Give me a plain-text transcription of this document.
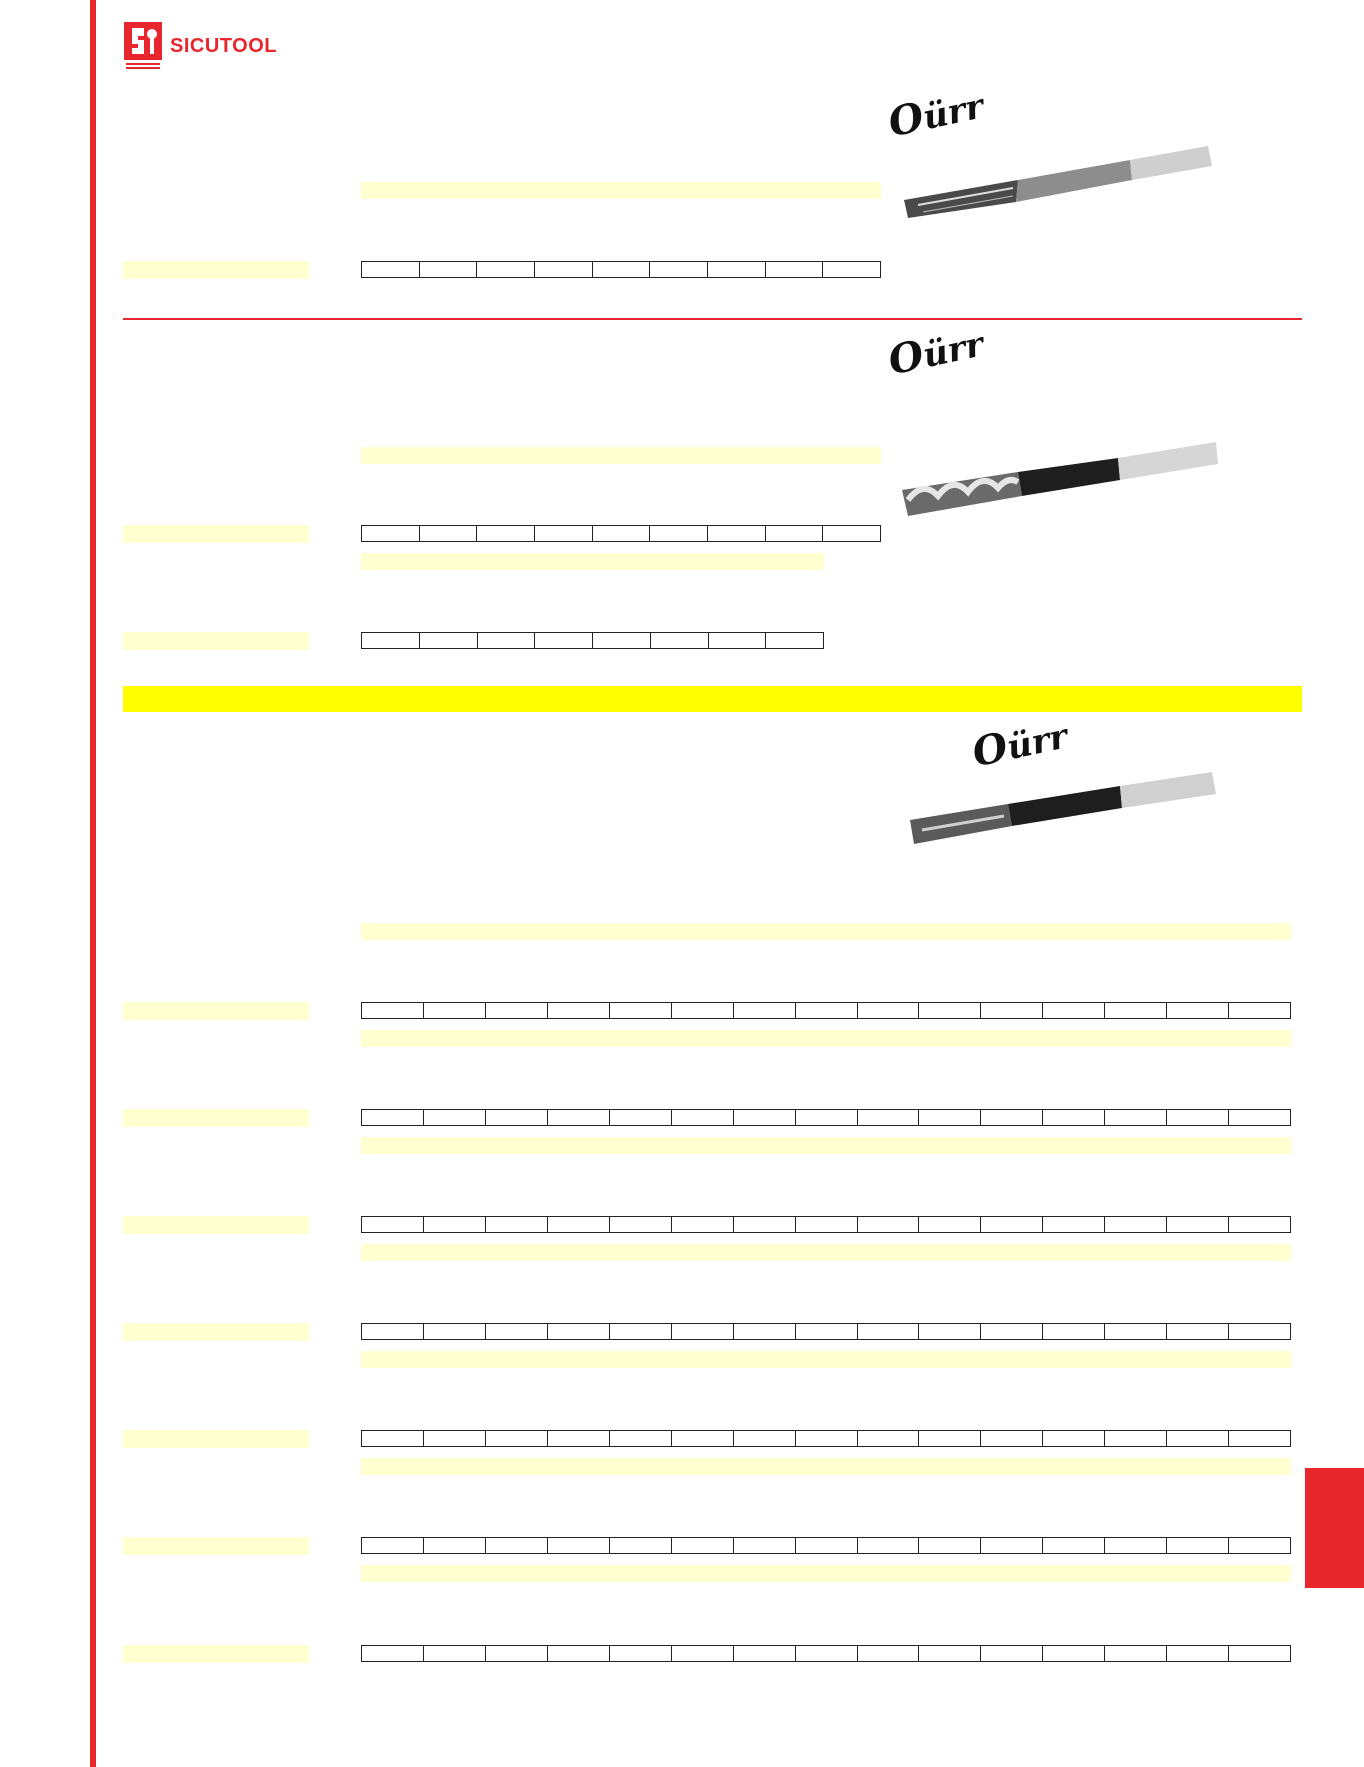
SICUTOOL
Oürr
Oürr
Oürr
